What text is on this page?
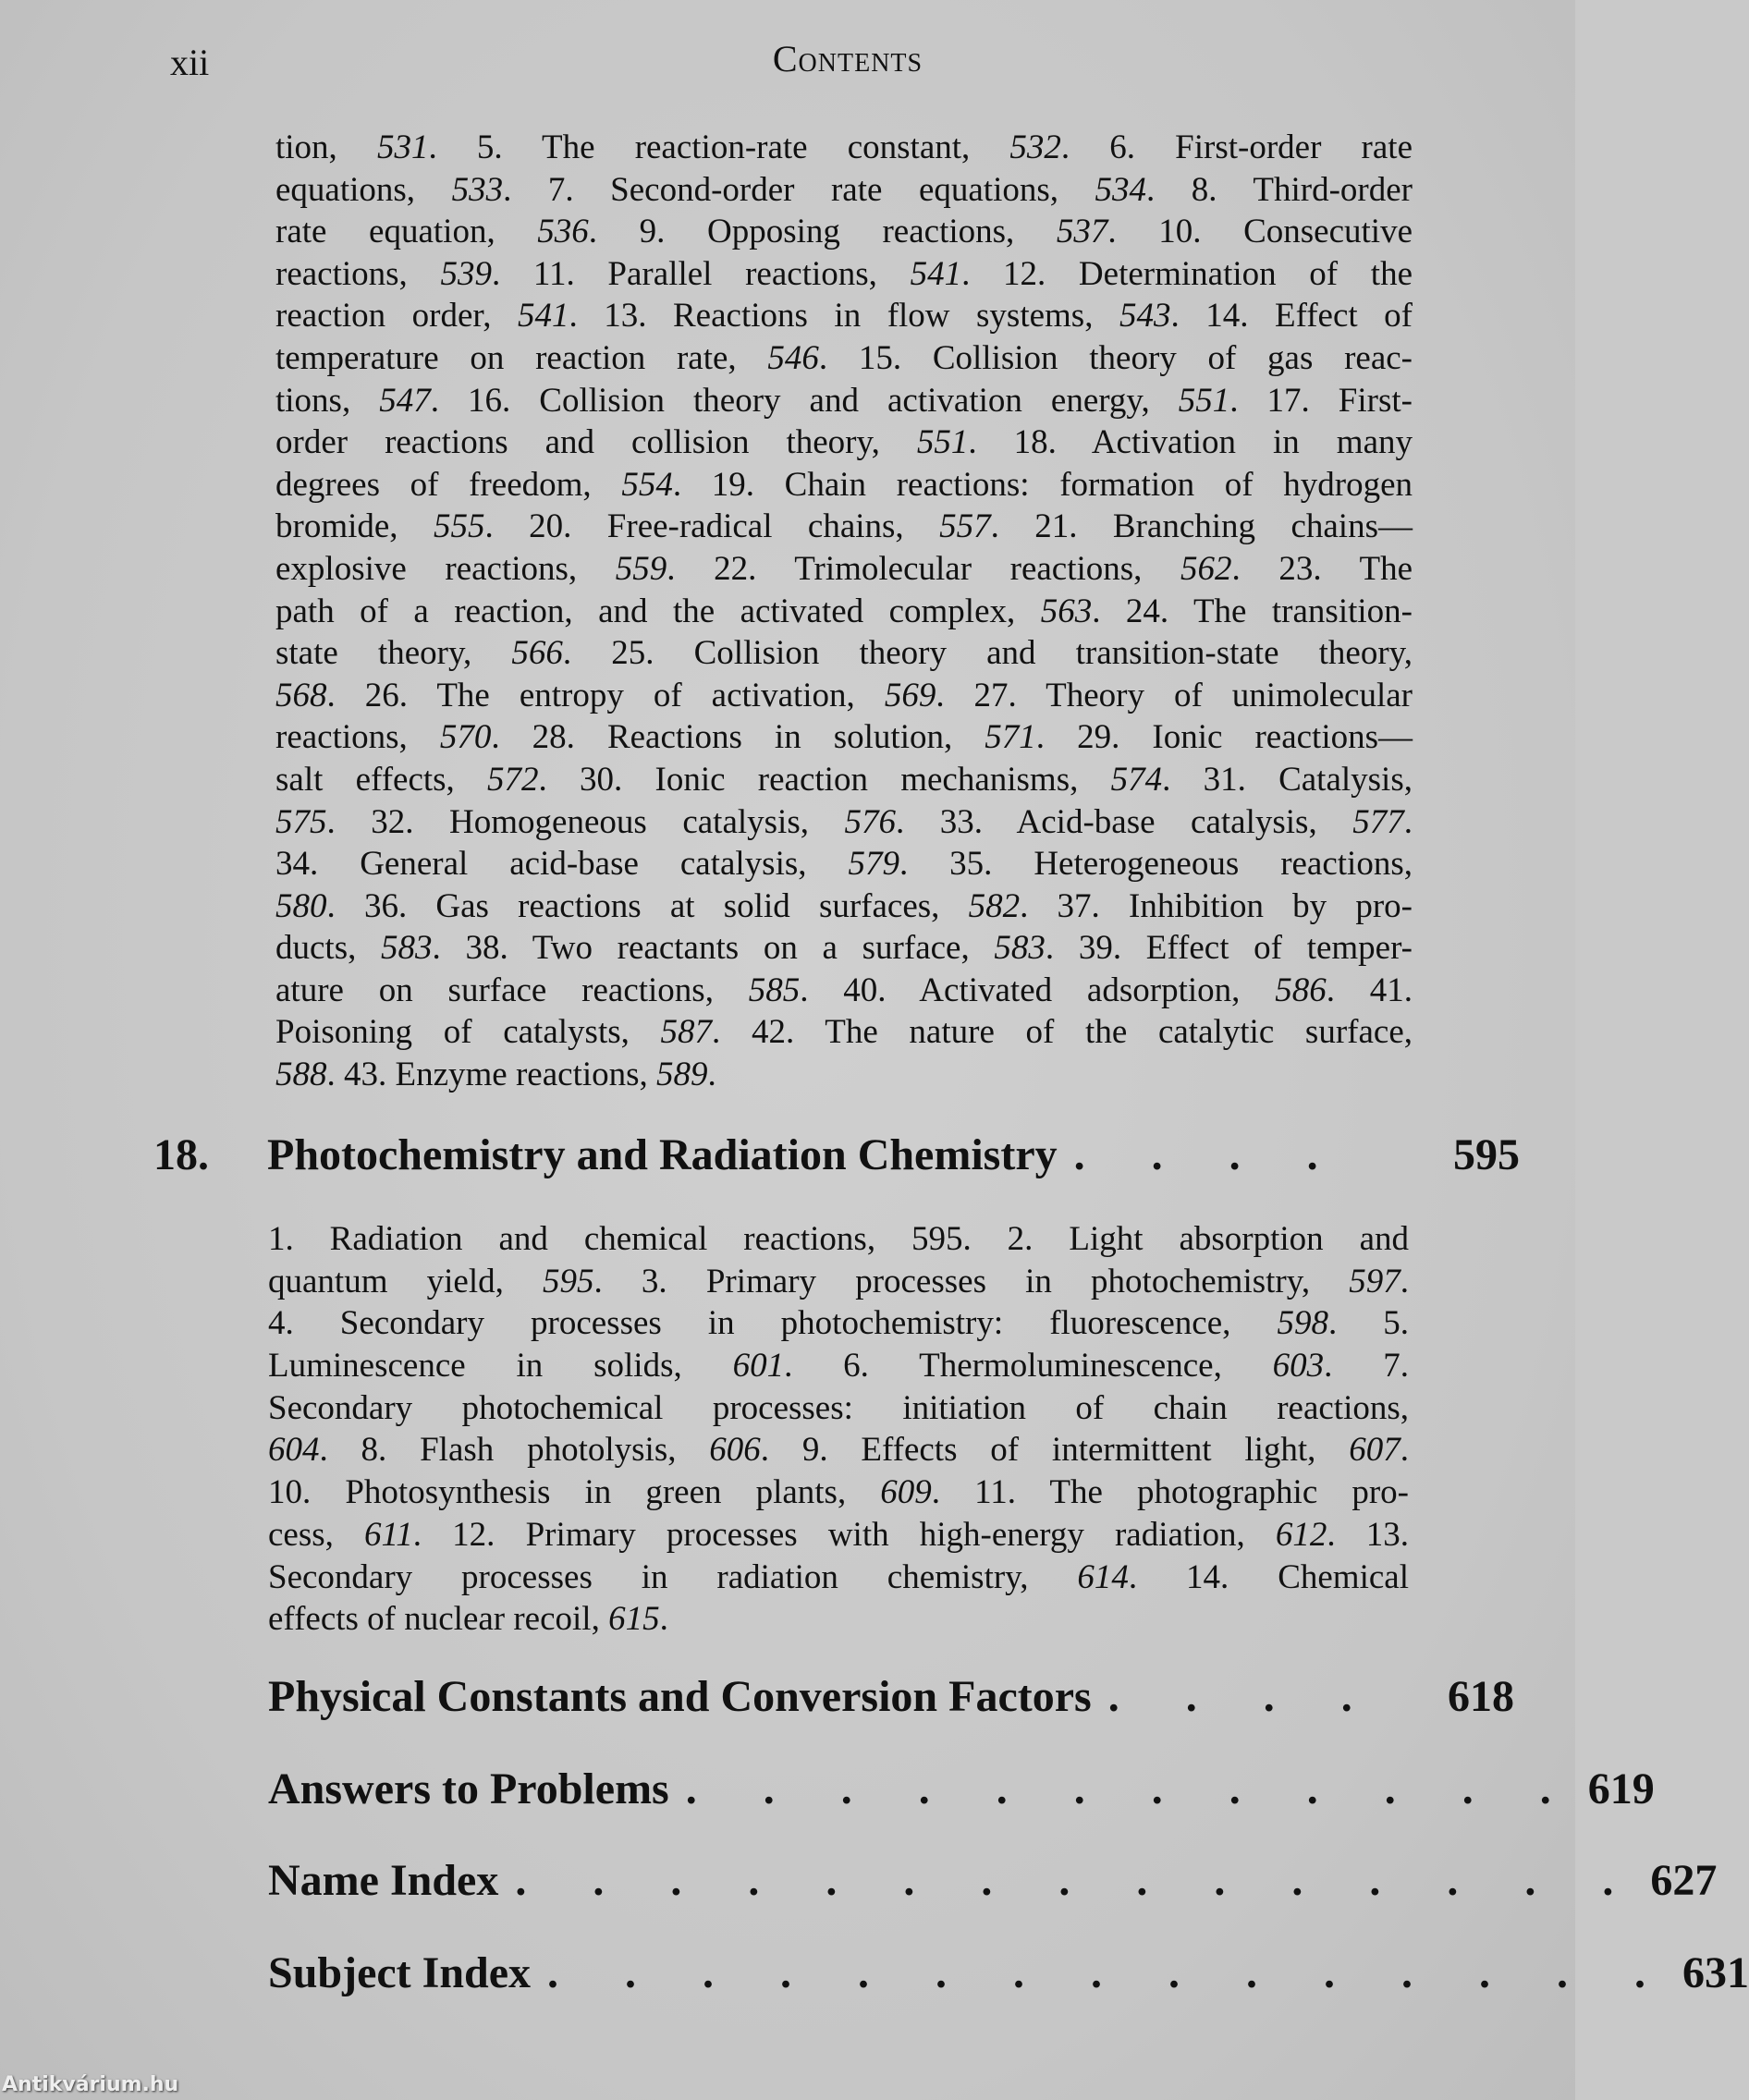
xii	Contents
tion, 531. 5. The reaction-rate constant, 532. 6. First-order rate
equations, 533. 7. Second-order rate equations, 534. 8. Third-order
rate equation, 536. 9. Opposing reactions, 537. 10. Consecutive
reactions, 539. 11. Parallel reactions, 541. 12. Determination of the
reaction order, 541. 13. Reactions in flow systems, 543. 14. Effect of
temperature on reaction rate, 546. 15. Collision theory of gas reac-
tions, 547. 16. Collision theory and activation energy, 551. 17. First-
order reactions and collision theory, 551. 18. Activation in many
degrees of freedom, 554. 19. Chain reactions: formation of hydrogen
bromide, 555. 20. Free-radical chains, 557. 21. Branching chains—
explosive reactions, 559. 22. Trimolecular reactions, 562. 23. The
path of a reaction, and the activated complex, 563. 24. The transition-
state theory, 566. 25. Collision theory and transition-state theory,
568. 26. The entropy of activation, 569. 27. Theory of unimolecular
reactions, 570. 28. Reactions in solution, 571. 29. Ionic reactions—
salt effects, 572. 30. Ionic reaction mechanisms, 574. 31. Catalysis,
575. 32. Homogeneous catalysis, 576. 33. Acid-base catalysis, 577.
34. General acid-base catalysis, 579. 35. Heterogeneous reactions,
580. 36. Gas reactions at solid surfaces, 582. 37. Inhibition by pro-
ducts, 583. 38. Two reactants on a surface, 583. 39. Effect of temper-
ature on surface reactions, 585. 40. Activated adsorption, 586. 41.
Poisoning of catalysts, 587. 42. The nature of the catalytic surface,
588. 43. Enzyme reactions, 589.
18.	Photochemistry and Radiation Chemistry . . . .	595
1. Radiation and chemical reactions, 595. 2. Light absorption and
quantum yield, 595. 3. Primary processes in photochemistry, 597.
4. Secondary processes in photochemistry: fluorescence, 598. 5.
Luminescence in solids, 601. 6. Thermoluminescence, 603. 7.
Secondary photochemical processes: initiation of chain reactions,
604. 8. Flash photolysis, 606. 9. Effects of intermittent light, 607.
10. Photosynthesis in green plants, 609. 11. The photographic pro-
cess, 611. 12. Primary processes with high-energy radiation, 612. 13.
Secondary processes in radiation chemistry, 614. 14. Chemical
effects of nuclear recoil, 615.
Physical Constants and Conversion Factors . . . .	618
Answers to Problems . . . . . . . . . . . . 619
Name Index . . . . . . . . . . . . . . . 627
Subject Index . . . . . . . . . . . . . . . 631
Antikvárium.hu
